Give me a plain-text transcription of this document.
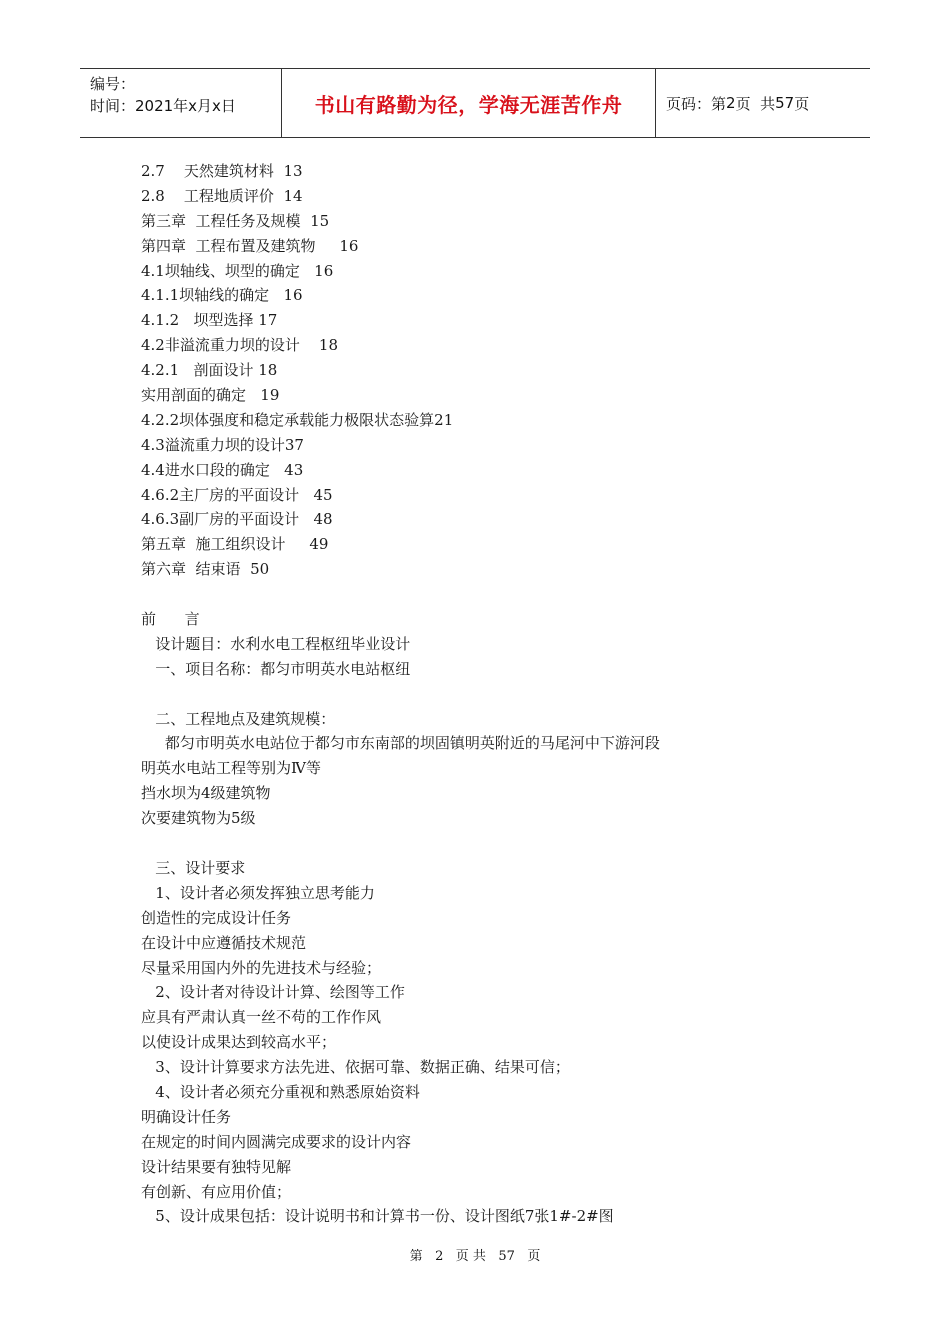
编号：
时间：2021年x月x日	书山有路勤为径，学海无涯苦作舟	页码：第 2 页  共 57 页
2.7    天然建筑材料  13
2.8    工程地质评价  14
第三章  工程任务及规模  15
第四章  工程布置及建筑物     16
4.1坝轴线、坝型的确定   16
4.1.1坝轴线的确定   16
4.1.2   坝型选择 17
4.2非溢流重力坝的设计    18
4.2.1   剖面设计 18
实用剖面的确定   19
4.2.2坝体强度和稳定承载能力极限状态验算21
4.3溢流重力坝的设计37
4.4进水口段的确定   43
4.6.2主厂房的平面设计   45
4.6.3副厂房的平面设计   48
第五章  施工组织设计     49
第六章  结束语  50
前      言
设计题目：水利水电工程枢纽毕业设计
一、项目名称：都匀市明英水电站枢纽
二、工程地点及建筑规模：
都匀市明英水电站位于都匀市东南部的坝固镇明英附近的马尾河中下游河段
明英水电站工程等别为Ⅳ等
挡水坝为4级建筑物
次要建筑物为5级
三、设计要求
1、设计者必须发挥独立思考能力
创造性的完成设计任务
在设计中应遵循技术规范
尽量采用国内外的先进技术与经验；
2、设计者对待设计计算、绘图等工作
应具有严肃认真一丝不苟的工作作风
以使设计成果达到较高水平；
3、设计计算要求方法先进、依据可靠、数据正确、结果可信；
4、设计者必须充分重视和熟悉原始资料
明确设计任务
在规定的时间内圆满完成要求的设计内容
设计结果要有独特见解
有创新、有应用价值；
5、设计成果包括：设计说明书和计算书一份、设计图纸7张1#-2#图
第 2 页 共 57 页
